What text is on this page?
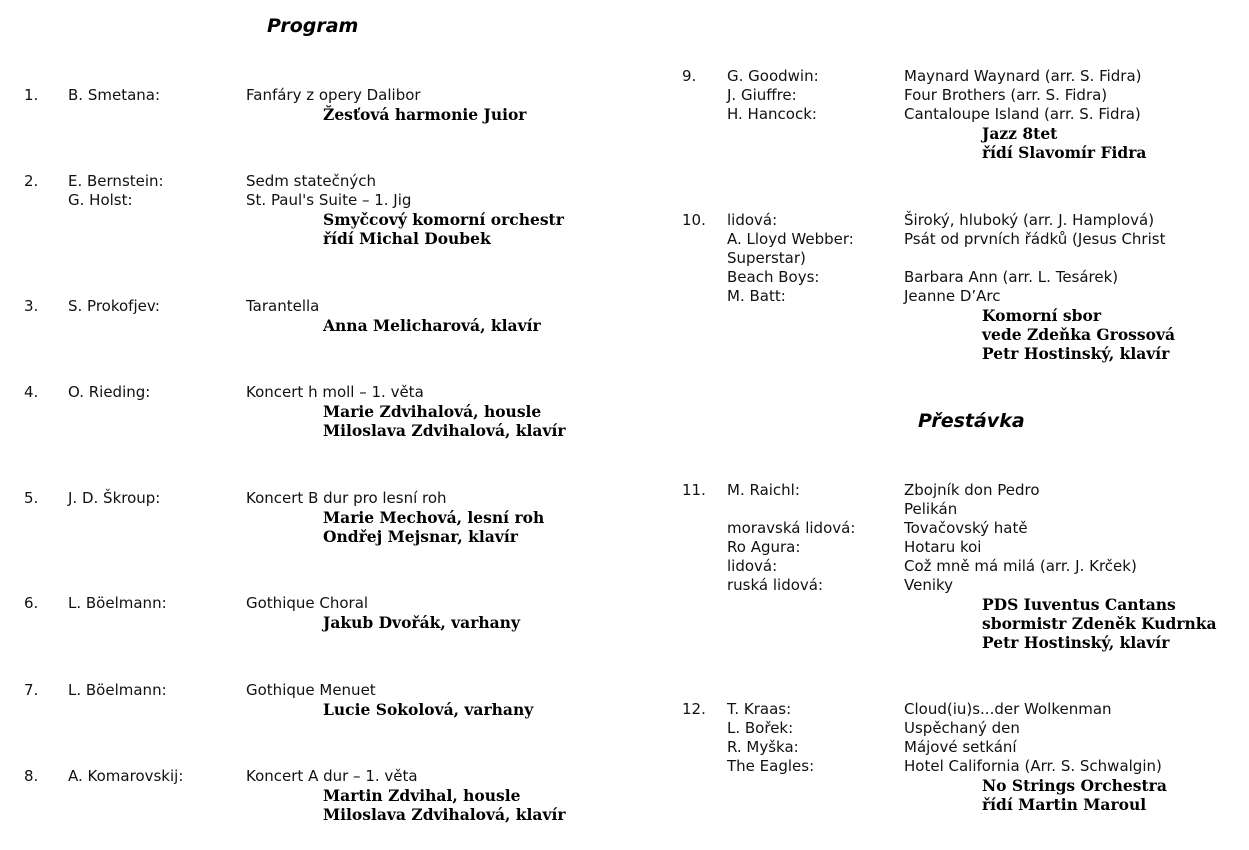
Program
Přestávka
1. B. Smetana:	Fanfáry z opery Dalibor
Žesťová harmonie Juior
2. E. Bernstein:	Sedm statečných
G. Holst:	St. Paul's Suite – 1. Jig
Smyčcový komorní orchestr
řídí Michal Doubek
3. S. Prokofjev:	Tarantella
Anna Melicharová, klavír
4. O. Rieding:	Koncert h moll – 1. věta
Marie Zdvihalová, housle
Miloslava Zdvihalová, klavír
5. J. D. Škroup:	Koncert B dur pro lesní roh
Marie Mechová, lesní roh
Ondřej Mejsnar, klavír
6. L. Böelmann:	Gothique Choral
Jakub Dvořák, varhany
7. L. Böelmann:	Gothique Menuet
Lucie Sokolová, varhany
8. A. Komarovskij:	Koncert A dur – 1. věta
Martin Zdvihal, housle
Miloslava Zdvihalová, klavír
9. G. Goodwin:	Maynard Waynard (arr. S. Fidra)
J. Giuffre:	Four Brothers (arr. S. Fidra)
H. Hancock:	Cantaloupe Island (arr. S. Fidra)
Jazz 8tet
řídí Slavomír Fidra
10. lidová:	Široký, hluboký (arr. J. Hamplová)
A. Lloyd Webber:	Psát od prvních řádků (Jesus Christ
Superstar)
Beach Boys:	Barbara Ann (arr. L. Tesárek)
M. Batt:	Jeanne D’Arc
Komorní sbor
vede Zdeňka Grossová
Petr Hostinský, klavír
11. M. Raichl:	Zbojník don Pedro
Pelikán
moravská lidová:	Tovačovský hatě
Ro Agura:	Hotaru koi
lidová:	Což mně má milá (arr. J. Krček)
ruská lidová:	Veniky
PDS Iuventus Cantans
sbormistr Zdeněk Kudrnka
Petr Hostinský, klavír
12. T. Kraas:	Cloud(iu)s...der Wolkenman
L. Bořek:	Uspěchaný den
R. Myška:	Májové setkání
The Eagles:	Hotel California (Arr. S. Schwalgin)
No Strings Orchestra
řídí Martin Maroul
